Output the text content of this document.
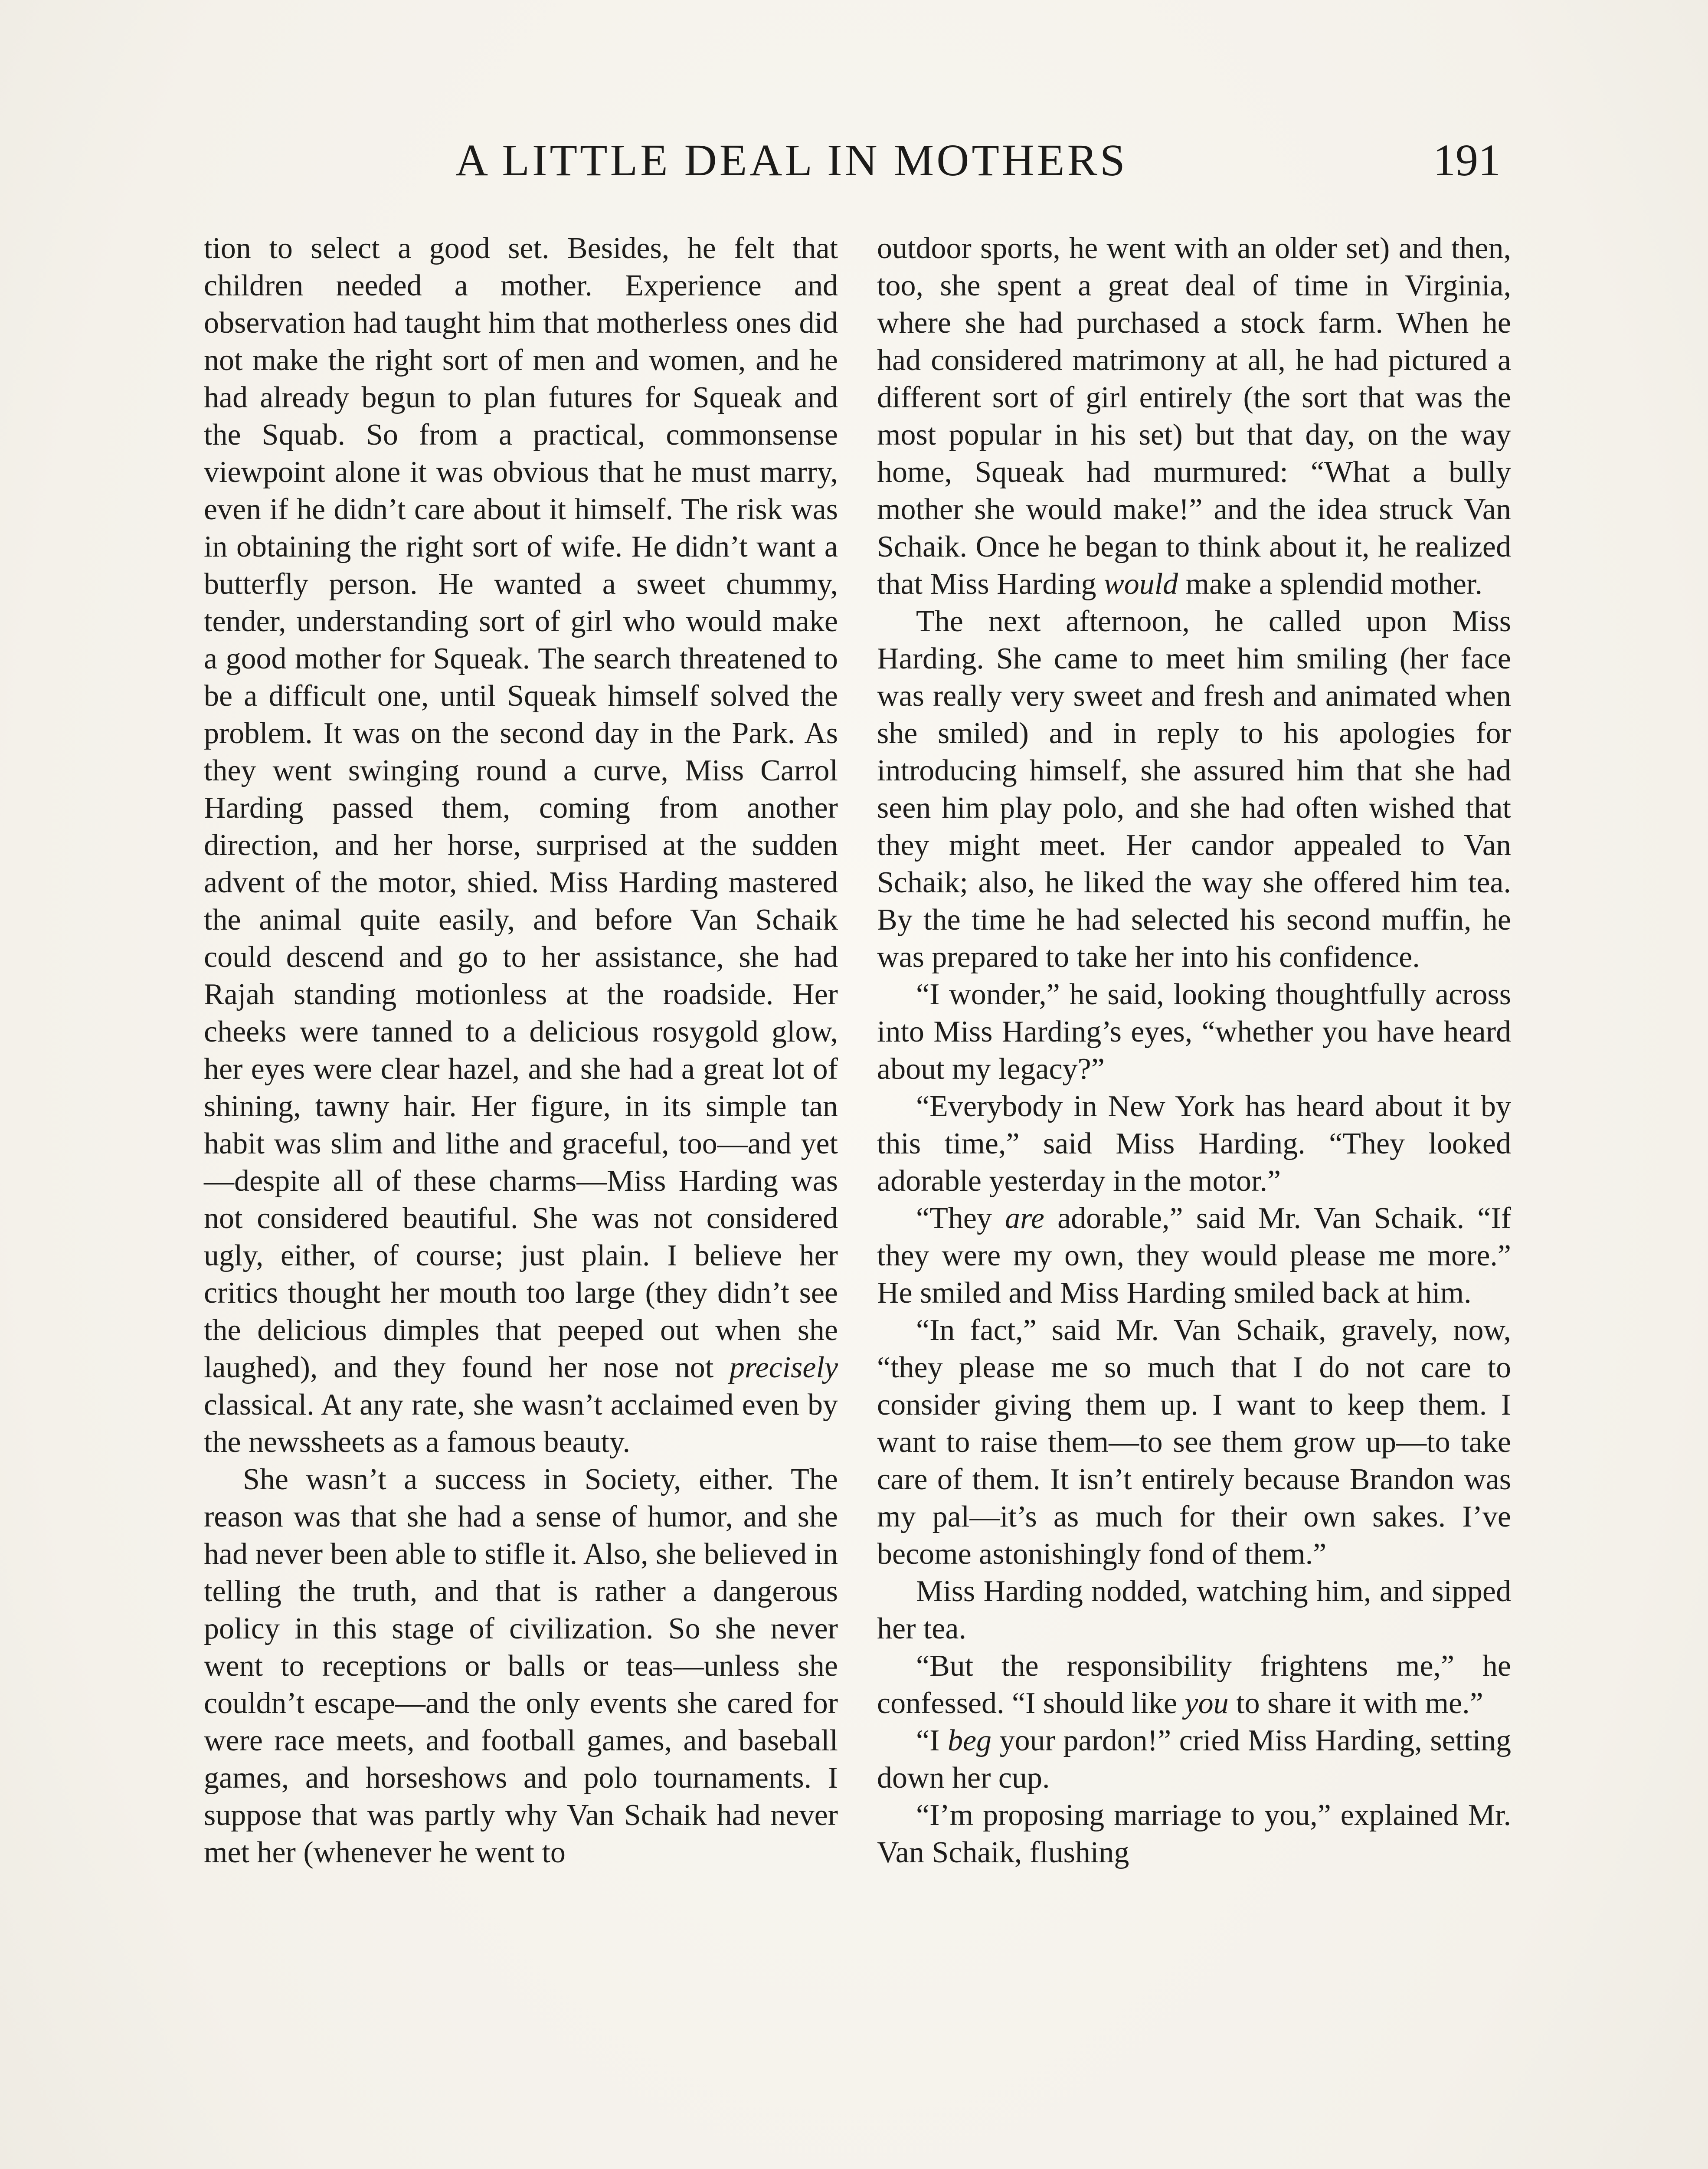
A LITTLE DEAL IN MOTHERS	191

tion to select a good set. Besides, he felt that children needed a mother. Experience and observation had taught him that motherless ones did not make the right sort of men and women, and he had already begun to plan futures for Squeak and the Squab. So from a practical, commonsense viewpoint alone it was obvious that he must marry, even if he didn’t care about it himself. The risk was in obtaining the right sort of wife. He didn’t want a butterfly person. He wanted a sweet chummy, tender, understanding sort of girl who would make a good mother for Squeak. The search threatened to be a difficult one, until Squeak himself solved the problem. It was on the second day in the Park. As they went swinging round a curve, Miss Carrol Harding passed them, coming from another direction, and her horse, surprised at the sudden advent of the motor, shied. Miss Harding mastered the animal quite easily, and before Van Schaik could descend and go to her assistance, she had Rajah standing motionless at the roadside. Her cheeks were tanned to a delicious rosygold glow, her eyes were clear hazel, and she had a great lot of shining, tawny hair. Her figure, in its simple tan habit was slim and lithe and graceful, too—and yet—despite all of these charms—Miss Harding was not considered beautiful. She was not considered ugly, either, of course; just plain. I believe her critics thought her mouth too large (they didn’t see the delicious dimples that peeped out when she laughed), and they found her nose not precisely classical. At any rate, she wasn’t acclaimed even by the newssheets as a famous beauty.

She wasn’t a success in Society, either. The reason was that she had a sense of humor, and she had never been able to stifle it. Also, she believed in telling the truth, and that is rather a dangerous policy in this stage of civilization. So she never went to receptions or balls or teas—unless she couldn’t escape—and the only events she cared for were race meets, and football games, and baseball games, and horseshows and polo tournaments. I suppose that was partly why Van Schaik had never met her (whenever he went to

outdoor sports, he went with an older set) and then, too, she spent a great deal of time in Virginia, where she had purchased a stock farm. When he had considered matrimony at all, he had pictured a different sort of girl entirely (the sort that was the most popular in his set) but that day, on the way home, Squeak had murmured: “What a bully mother she would make!” and the idea struck Van Schaik. Once he began to think about it, he realized that Miss Harding would make a splendid mother.

The next afternoon, he called upon Miss Harding. She came to meet him smiling (her face was really very sweet and fresh and animated when she smiled) and in reply to his apologies for introducing himself, she assured him that she had seen him play polo, and she had often wished that they might meet. Her candor appealed to Van Schaik; also, he liked the way she offered him tea. By the time he had selected his second muffin, he was prepared to take her into his confidence.

“I wonder,” he said, looking thoughtfully across into Miss Harding’s eyes, “whether you have heard about my legacy?”

“Everybody in New York has heard about it by this time,” said Miss Harding. “They looked adorable yesterday in the motor.”

“They are adorable,” said Mr. Van Schaik. “If they were my own, they would please me more.” He smiled and Miss Harding smiled back at him.

“In fact,” said Mr. Van Schaik, gravely, now, “they please me so much that I do not care to consider giving them up. I want to keep them. I want to raise them—to see them grow up—to take care of them. It isn’t entirely because Brandon was my pal—it’s as much for their own sakes. I’ve become astonishingly fond of them.”

Miss Harding nodded, watching him, and sipped her tea.

“But the responsibility frightens me,” he confessed. “I should like you to share it with me.”

“I beg your pardon!” cried Miss Harding, setting down her cup.

“I’m proposing marriage to you,” explained Mr. Van Schaik, flushing
